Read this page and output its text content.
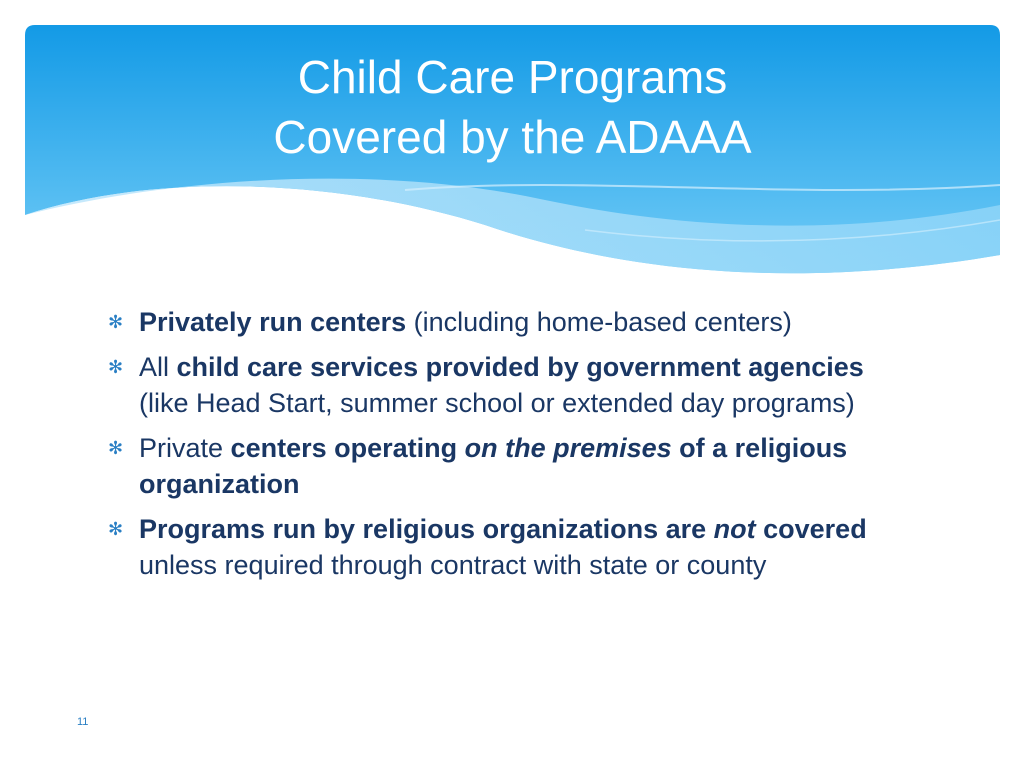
Child Care Programs
Covered by the ADAAA
✻ Privately run centers (including home-based centers)
✻ All child care services provided by government agencies (like Head Start, summer school or extended day programs)
✻ Private centers operating on the premises of a religious organization
✻ Programs run by religious organizations are not covered unless required through contract with state or county
11
